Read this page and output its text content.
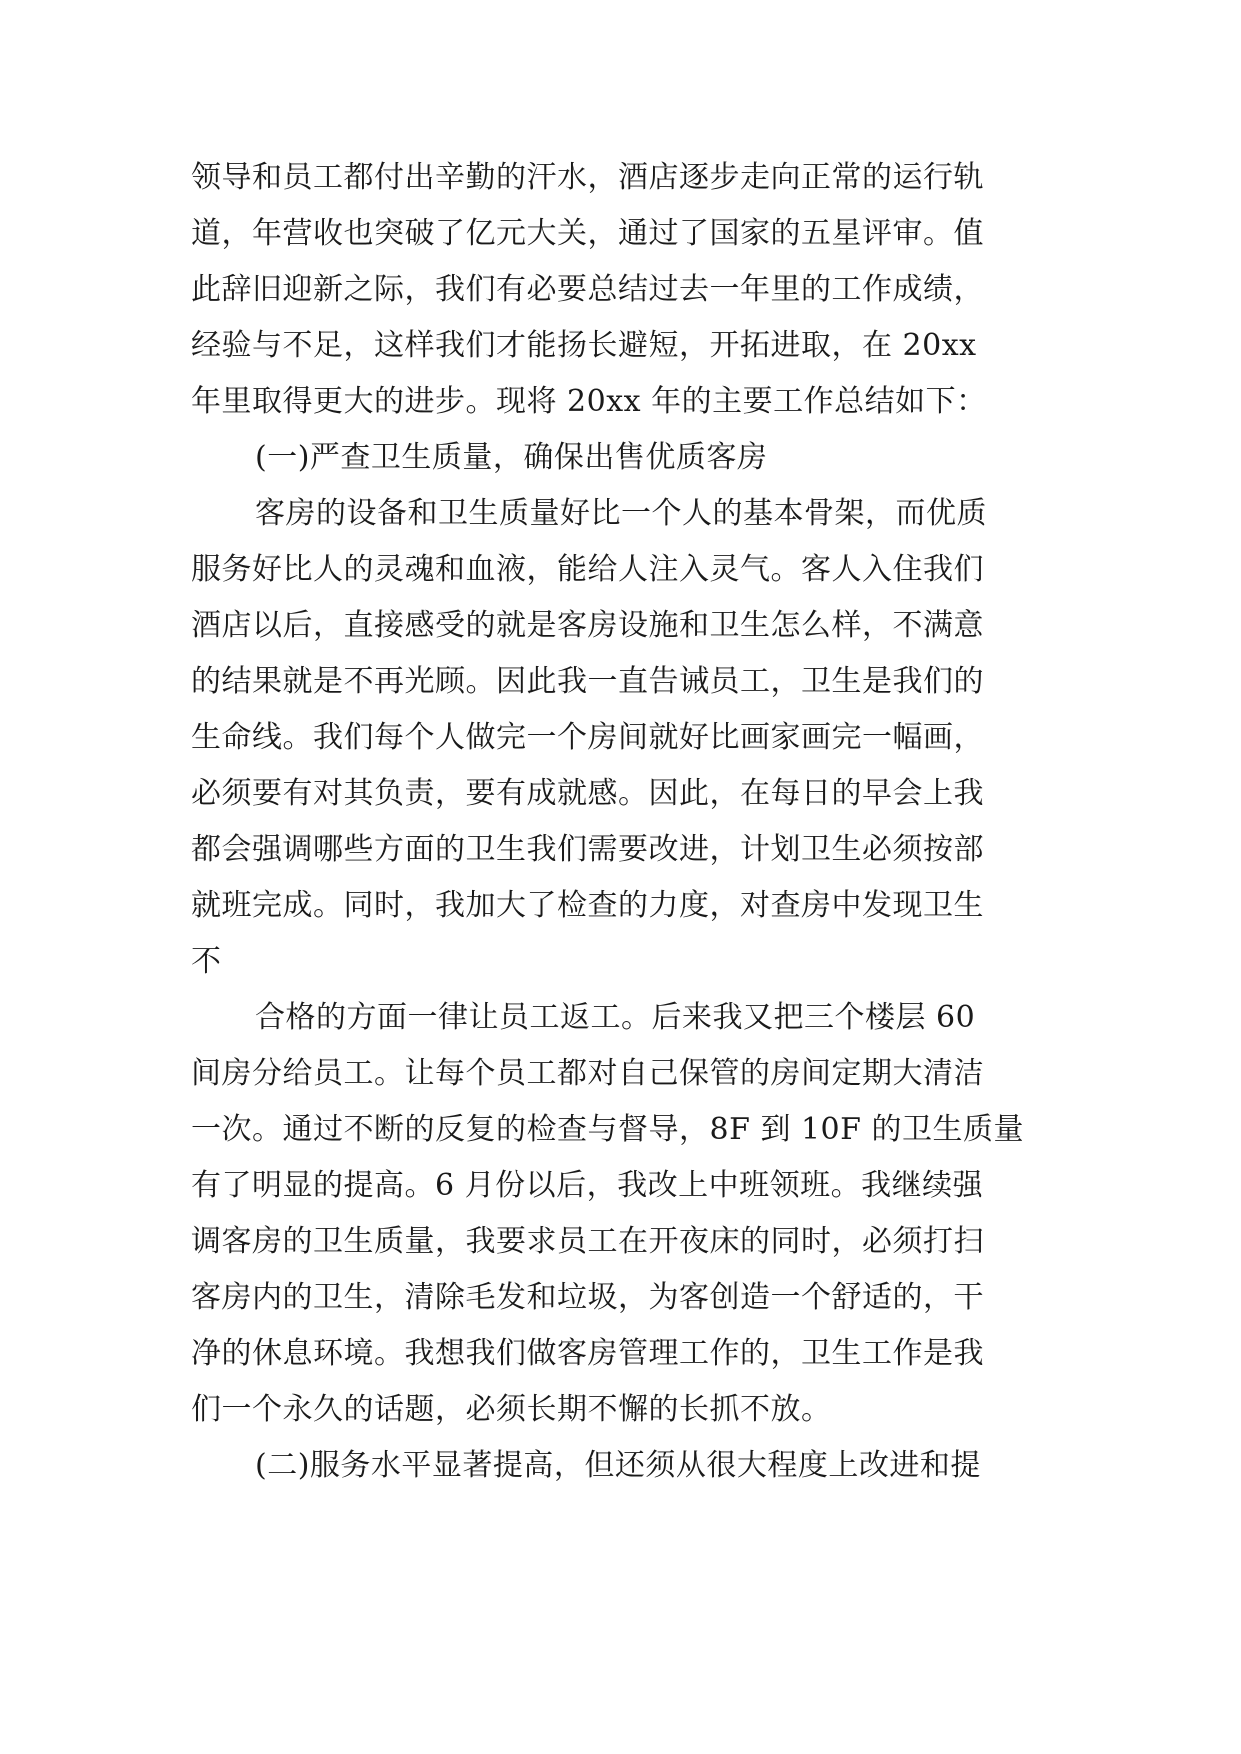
领导和员工都付出辛勤的汗水，酒店逐步走向正常的运行轨
道，年营收也突破了亿元大关，通过了国家的五星评审。值
此辞旧迎新之际，我们有必要总结过去一年里的工作成绩，
经验与不足，这样我们才能扬长避短，开拓进取，在 20xx
年里取得更大的进步。现将 20xx 年的主要工作总结如下：
(一)严查卫生质量，确保出售优质客房
客房的设备和卫生质量好比一个人的基本骨架，而优质
服务好比人的灵魂和血液，能给人注入灵气。客人入住我们
酒店以后，直接感受的就是客房设施和卫生怎么样，不满意
的结果就是不再光顾。因此我一直告诫员工，卫生是我们的
生命线。我们每个人做完一个房间就好比画家画完一幅画，
必须要有对其负责，要有成就感。因此，在每日的早会上我
都会强调哪些方面的卫生我们需要改进，计划卫生必须按部
就班完成。同时，我加大了检查的力度，对查房中发现卫生
不
合格的方面一律让员工返工。后来我又把三个楼层 60
间房分给员工。让每个员工都对自己保管的房间定期大清洁
一次。通过不断的反复的检查与督导，8F 到 10F 的卫生质量
有了明显的提高。6 月份以后，我改上中班领班。我继续强
调客房的卫生质量，我要求员工在开夜床的同时，必须打扫
客房内的卫生，清除毛发和垃圾，为客创造一个舒适的，干
净的休息环境。我想我们做客房管理工作的，卫生工作是我
们一个永久的话题，必须长期不懈的长抓不放。
(二)服务水平显著提高，但还须从很大程度上改进和提
